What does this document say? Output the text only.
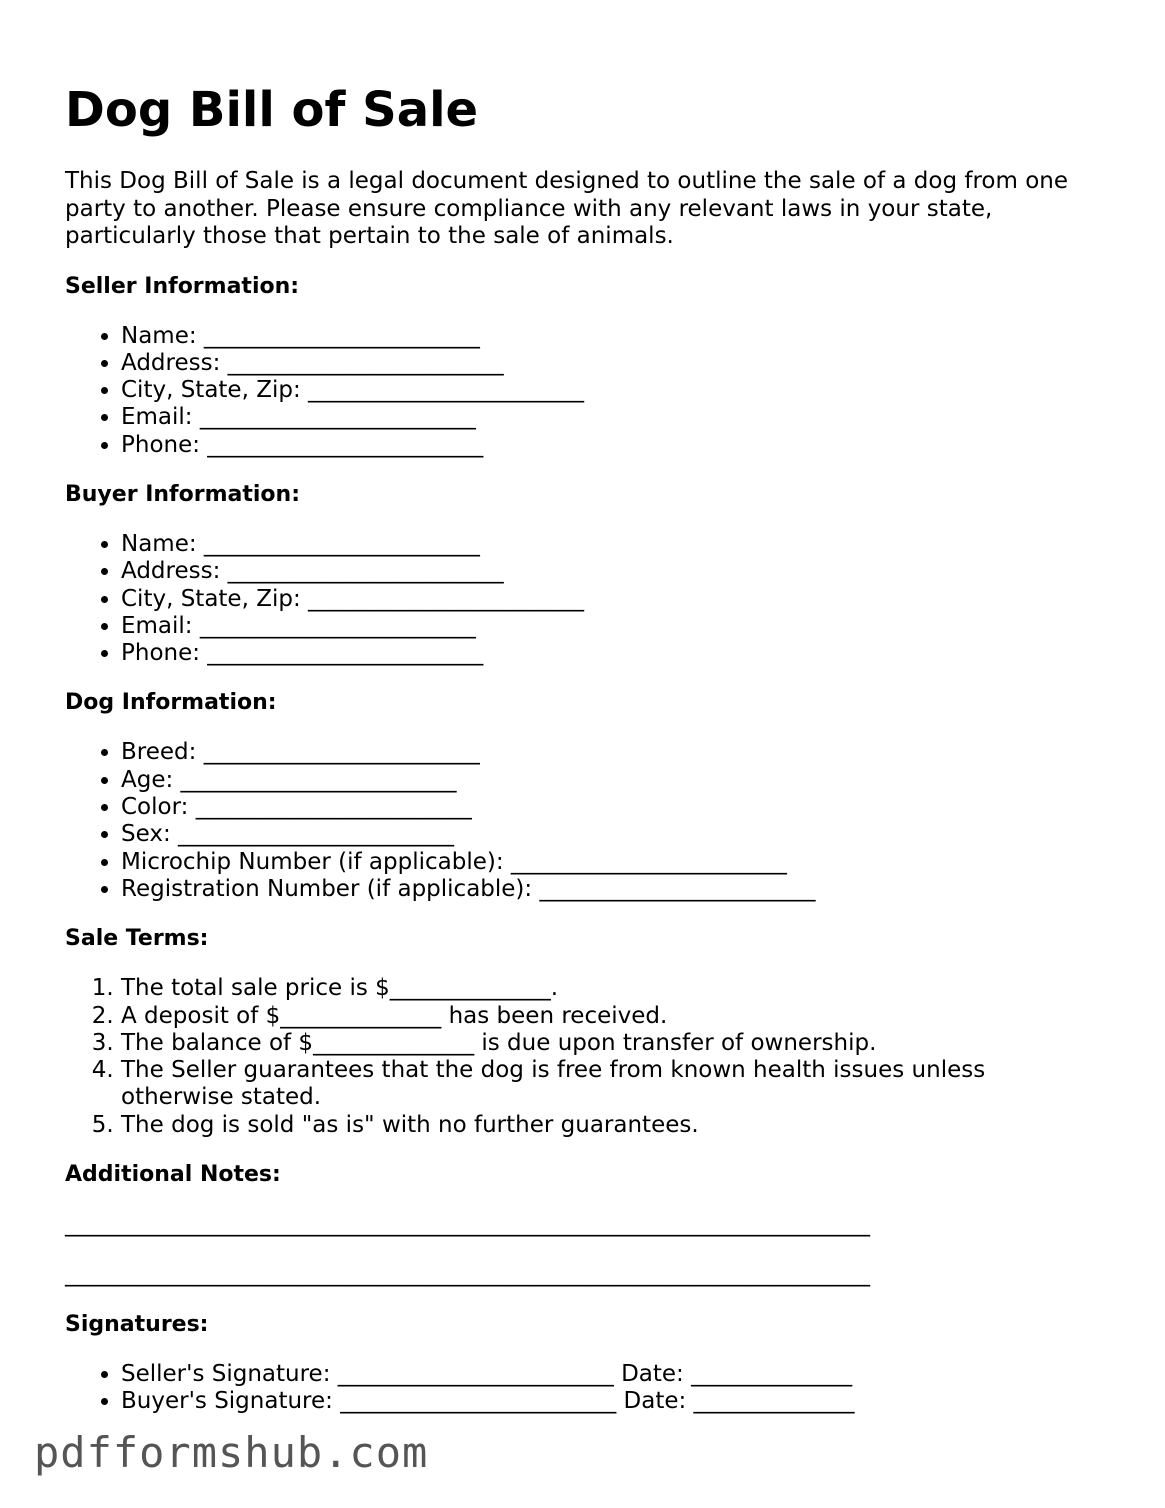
Dog Bill of Sale

This Dog Bill of Sale is a legal document designed to outline the sale of a dog from one party to another. Please ensure compliance with any relevant laws in your state, particularly those that pertain to the sale of animals.

Seller Information:
• Name: ________________________
• Address: ________________________
• City, State, Zip: ________________________
• Email: ________________________
• Phone: ________________________
Buyer Information:
• Name: ________________________
• Address: ________________________
• City, State, Zip: ________________________
• Email: ________________________
• Phone: ________________________
Dog Information:
• Breed: ________________________
• Age: ________________________
• Color: ________________________
• Sex: ________________________
• Microchip Number (if applicable): ________________________
• Registration Number (if applicable): ________________________
Sale Terms:
1. The total sale price is $______________.
2. A deposit of $______________ has been received.
3. The balance of $______________ is due upon transfer of ownership.
4. The Seller guarantees that the dog is free from known health issues unless otherwise stated.
5. The dog is sold "as is" with no further guarantees.
Additional Notes:
______________________________________________________________________
______________________________________________________________________
Signatures:
• Seller's Signature: ________________________ Date: ______________
• Buyer's Signature: ________________________ Date: ______________
pdfformshub.com
